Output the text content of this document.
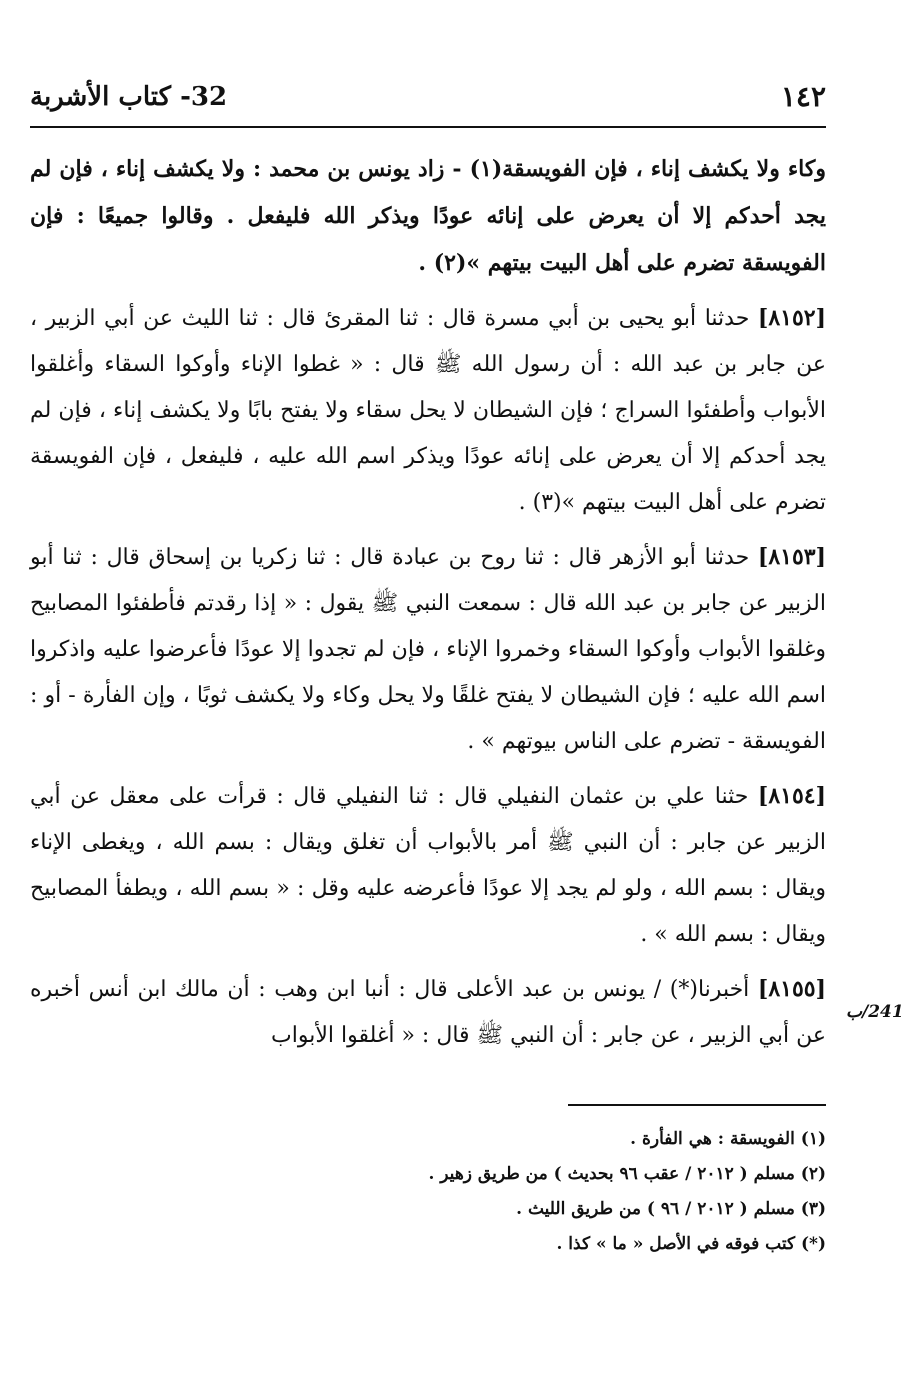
١٤٢
32- كتاب الأشربة

وكاء ولا يكشف إناء ، فإن الفويسقة(١) - زاد يونس بن محمد : ولا يكشف إناء ، فإن لم يجد أحدكم إلا أن يعرض على إنائه عودًا ويذكر الله فليفعل . وقالوا جميعًا : فإن الفويسقة تضرم على أهل البيت بيتهم »(٢) .

[٨١٥٢] حدثنا أبو يحيى بن أبي مسرة قال : ثنا المقرئ قال : ثنا الليث عن أبي الزبير ، عن جابر بن عبد الله : أن رسول الله ﷺ قال : « غطوا الإناء وأوكوا السقاء وأغلقوا الأبواب وأطفئوا السراج ؛ فإن الشيطان لا يحل سقاء ولا يفتح بابًا ولا يكشف إناء ، فإن لم يجد أحدكم إلا أن يعرض على إنائه عودًا ويذكر اسم الله عليه ، فليفعل ، فإن الفويسقة تضرم على أهل البيت بيتهم »(٣) .

[٨١٥٣] حدثنا أبو الأزهر قال : ثنا روح بن عبادة قال : ثنا زكريا بن إسحاق قال : ثنا أبو الزبير عن جابر بن عبد الله قال : سمعت النبي ﷺ يقول : « إذا رقدتم فأطفئوا المصابيح وغلقوا الأبواب وأوكوا السقاء وخمروا الإناء ، فإن لم تجدوا إلا عودًا فأعرضوا عليه واذكروا اسم الله عليه ؛ فإن الشيطان لا يفتح غلقًا ولا يحل وكاء ولا يكشف ثوبًا ، وإن الفأرة - أو : الفويسقة - تضرم على الناس بيوتهم » .

[٨١٥٤] حثنا علي بن عثمان النفيلي قال : ثنا النفيلي قال : قرأت على معقل عن أبي الزبير عن جابر : أن النبي ﷺ أمر بالأبواب أن تغلق ويقال : بسم الله ، ويغطى الإناء ويقال : بسم الله ، ولو لم يجد إلا عودًا فأعرضه عليه وقل : « بسم الله ، ويطفأ المصابيح ويقال : بسم الله » .

[٨١٥٥] أخبرنا(*) / يونس بن عبد الأعلى قال : أنبا ابن وهب : أن مالك ابن أنس أخبره عن أبي الزبير ، عن جابر : أن النبي ﷺ قال : « أغلقوا الأبواب

241/ب
(١) الفويسقة : هي الفأرة .
(٢) مسلم ( ٢٠١٢ / عقب ٩٦ بحديث ) من طريق زهير .
(٣) مسلم ( ٢٠١٢ / ٩٦ ) من طريق الليث .
(*) كتب فوقه في الأصل « ما » كذا .
